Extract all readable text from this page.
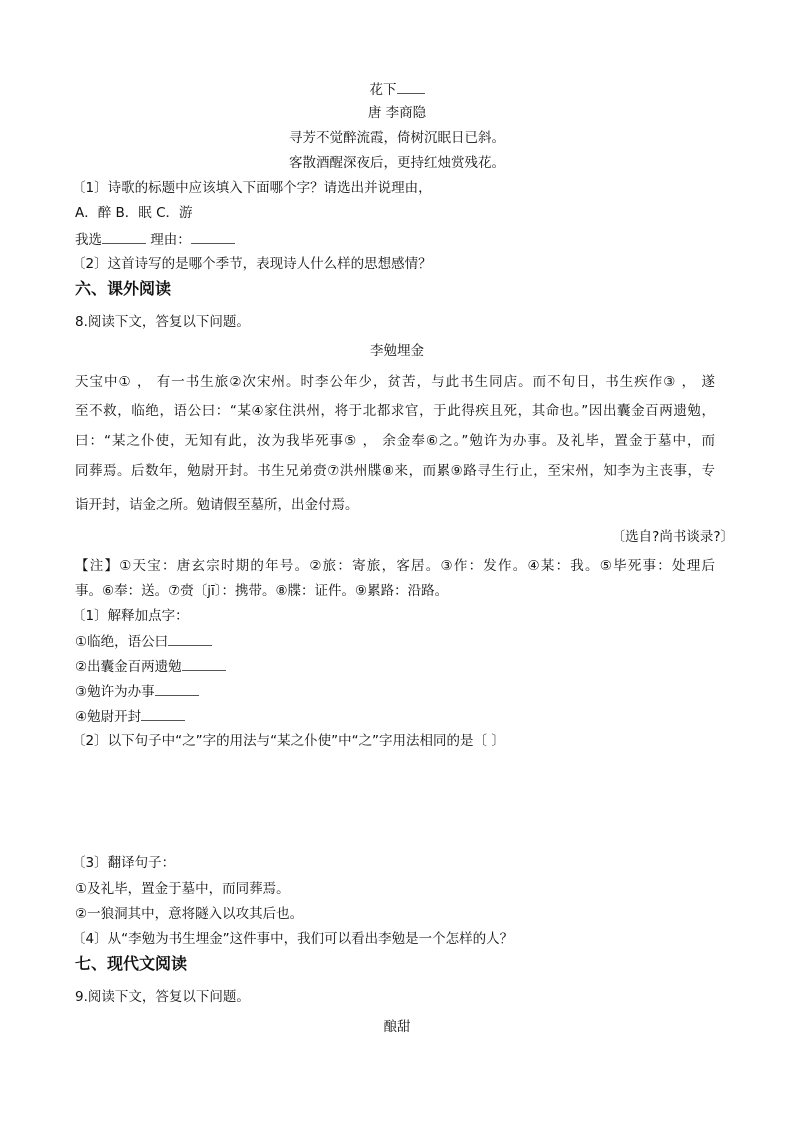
花下
唐 李商隐
寻芳不觉醉流霞，倚树沉眠日已斜。
客散酒醒深夜后，更持红烛赏残花。
〔1〕诗歌的标题中应该填入下面哪个字？请选出并说理由，
A．醉 B．眠 C．游
我选	理由：
〔2〕这首诗写的是哪个季节，表现诗人什么样的思想感情？
六、课外阅读
8.阅读下文，答复以下问题。
李勉埋金
天宝中① ， 有一书生旅②次宋州。时李公年少，贫苦，与此书生同店。而不旬日，书生疾作③ ， 遂
至不救，临绝，语公曰：“某④家住洪州，将于北都求官，于此得疾且死，其命也。”因出囊金百两遗勉，
曰：“某之仆使，无知有此，汝为我毕死事⑤ ， 余金奉⑥之。”勉许为办事。及礼毕，置金于墓中，而
同葬焉。后数年，勉尉开封。书生兄弟赍⑦洪州牒⑧来，而累⑨路寻生行止，至宋州，知李为主丧事，专
诣开封，诘金之所。勉请假至墓所，出金付焉。
〔选自?尚书谈录?〕
【注】①天宝：唐玄宗时期的年号。②旅：寄旅，客居。③作：发作。④某：我。⑤毕死事：处理后
事。⑥奉：送。⑦赍〔jī〕：携带。⑧牒：证件。⑨累路：沿路。
〔1〕解释加点字：
①临绝，语公曰
②出囊金百两遗勉
③勉许为办事
④勉尉开封
〔2〕以下句子中“之”字的用法与“某之仆使”中“之”字用法相同的是〔 〕
〔3〕翻译句子：
①及礼毕，置金于墓中，而同葬焉。
②一狼洞其中，意将隧入以攻其后也。
〔4〕从“李勉为书生埋金”这件事中，我们可以看出李勉是一个怎样的人？
七、现代文阅读
9.阅读下文，答复以下问题。
酿甜
